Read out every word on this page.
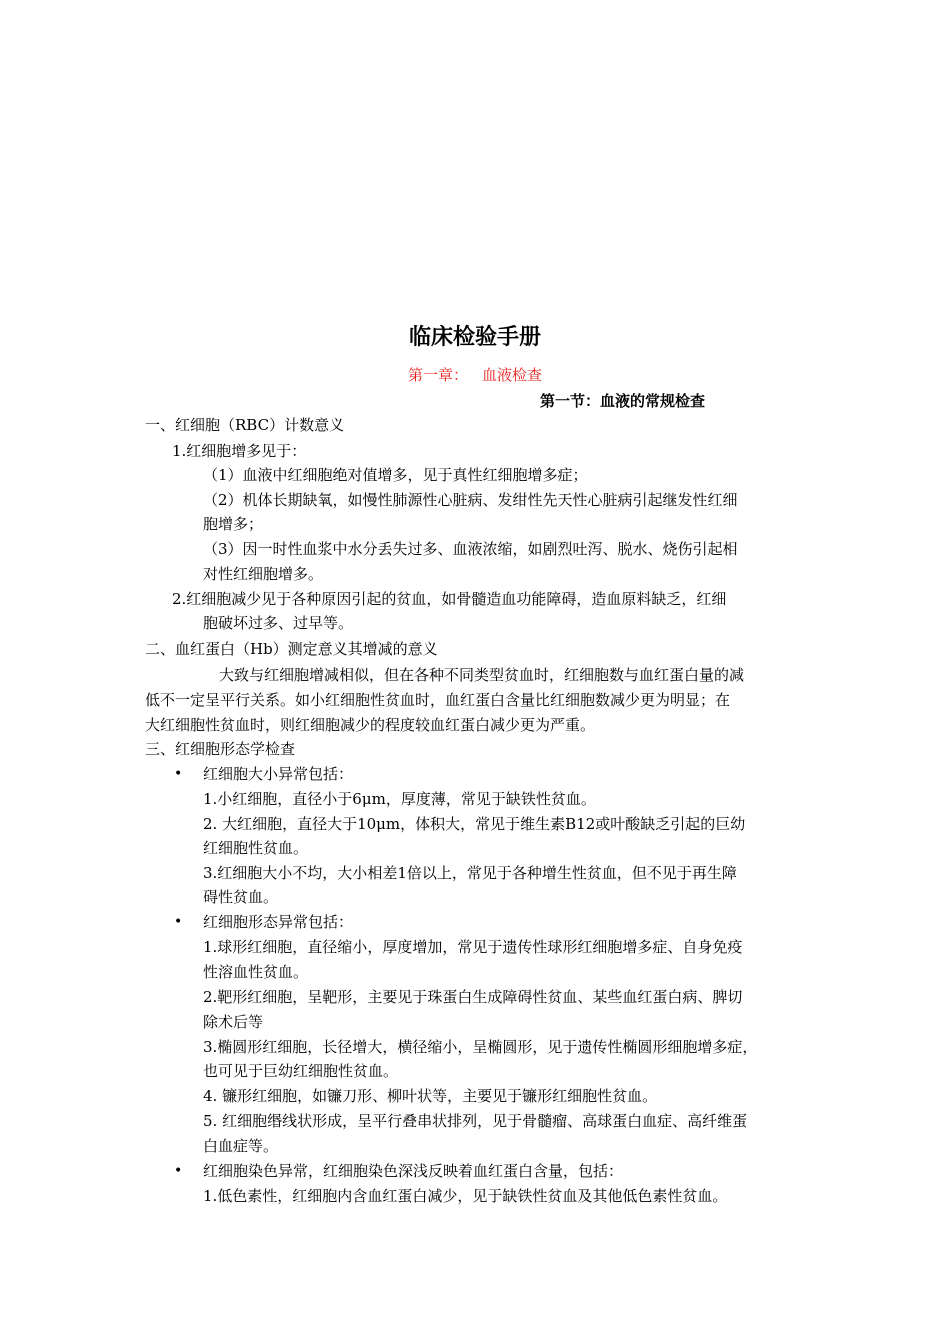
临床检验手册
第一章： 血液检查
第一节：血液的常规检查
一、红细胞（RBC）计数意义
1.红细胞增多见于：
（1）血液中红细胞绝对值增多，见于真性红细胞增多症；
（2）机体长期缺氧，如慢性肺源性心脏病、发绀性先天性心脏病引起继发性红细
胞增多；
（3）因一时性血浆中水分丢失过多、血液浓缩，如剧烈吐泻、脱水、烧伤引起相
对性红细胞增多。
2.红细胞减少见于各种原因引起的贫血，如骨髓造血功能障碍，造血原料缺乏，红细
胞破坏过多、过早等。
二、血红蛋白（Hb）测定意义其增减的意义
大致与红细胞增减相似，但在各种不同类型贫血时，红细胞数与血红蛋白量的减
低不一定呈平行关系。如小红细胞性贫血时，血红蛋白含量比红细胞数减少更为明显；在
大红细胞性贫血时，则红细胞减少的程度较血红蛋白减少更为严重。
三、红细胞形态学检查
• 红细胞大小异常包括：
1.小红细胞，直径小于6μm，厚度薄，常见于缺铁性贫血。
2. 大红细胞，直径大于10μm，体积大，常见于维生素B12或叶酸缺乏引起的巨幼
红细胞性贫血。
3.红细胞大小不均，大小相差1倍以上，常见于各种增生性贫血，但不见于再生障
碍性贫血。
• 红细胞形态异常包括：
1.球形红细胞，直径缩小，厚度增加，常见于遗传性球形红细胞增多症、自身免疫
性溶血性贫血。
2.靶形红细胞，呈靶形，主要见于珠蛋白生成障碍性贫血、某些血红蛋白病、脾切
除术后等
3.椭圆形红细胞，长径增大，横径缩小，呈椭圆形，见于遗传性椭圆形细胞增多症，
也可见于巨幼红细胞性贫血。
4. 镰形红细胞，如镰刀形、柳叶状等，主要见于镰形红细胞性贫血。
5. 红细胞缗线状形成，呈平行叠串状排列，见于骨髓瘤、高球蛋白血症、高纤维蛋
白血症等。
• 红细胞染色异常，红细胞染色深浅反映着血红蛋白含量，包括：
1.低色素性，红细胞内含血红蛋白减少，见于缺铁性贫血及其他低色素性贫血。
